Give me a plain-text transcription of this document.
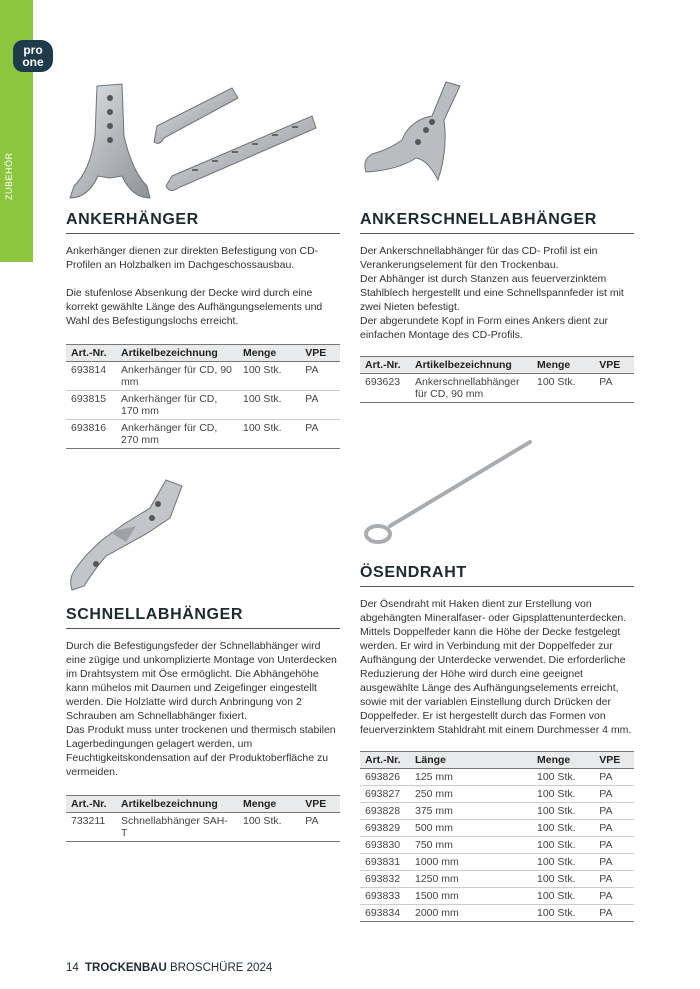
pro
one
ZUBEHÖR
ANKERHÄNGER

Ankerhänger dienen zur direkten Befestigung von CD-Profilen an Holzbalken im Dachgeschossausbau.

Die stufenlose Absenkung der Decke wird durch eine korrekt gewählte Länge des Aufhängungselements und Wahl des Befestigungslochs erreicht.

Art.-Nr.	Artikelbezeichnung	Menge	VPE
693814	Ankerhänger für CD, 90 mm	100 Stk.	PA
693815	Ankerhänger für CD, 170 mm	100 Stk.	PA
693816	Ankerhänger für CD, 270 mm	100 Stk.	PA
ANKERSCHNELLABHÄNGER

Der Ankerschnellabhänger für das CD- Profil ist ein Verankerungselement für den Trockenbau.
Der Abhänger ist durch Stanzen aus feuerverzinktem Stahlblech hergestellt und eine Schnellspannfeder ist mit zwei Nieten befestigt.
Der abgerundete Kopf in Form eines Ankers dient zur einfachen Montage des CD-Profils.

Art.-Nr.	Artikelbezeichnung	Menge	VPE
693623	Ankerschnellabhänger für CD, 90 mm	100 Stk.	PA
SCHNELLABHÄNGER

Durch die Befestigungsfeder der Schnellabhänger wird eine zügige und unkomplizierte Montage von Unterdecken im Drahtsystem mit Öse ermöglicht. Die Abhängehöhe kann mühelos mit Daumen und Zeigefinger eingestellt werden. Die Holzlatte wird durch Anbringung von 2 Schrauben am Schnellabhänger fixiert.
Das Produkt muss unter trockenen und thermisch stabilen Lagerbedingungen gelagert werden, um Feuchtigkeitskondensation auf der Produktoberfläche zu vermeiden.

Art.-Nr.	Artikelbezeichnung	Menge	VPE
733211	Schnellabhänger SAH-T	100 Stk.	PA
ÖSENDRAHT

Der Ösendraht mit Haken dient zur Erstellung von abgehängten Mineralfaser- oder Gipsplattenunterdecken. Mittels Doppelfeder kann die Höhe der Decke festgelegt werden. Er wird in Verbindung mit der Doppelfeder zur Aufhängung der Unterdecke verwendet. Die erforderliche Reduzierung der Höhe wird durch eine geeignet ausgewählte Länge des Aufhängungselements erreicht, sowie mit der variablen Einstellung durch Drücken der Doppelfeder. Er ist hergestellt durch das Formen von feuerverzinktem Stahldraht mit einem Durchmesser 4 mm.

Art.-Nr.	Länge	Menge	VPE
693826	125 mm	100 Stk.	PA
693827	250 mm	100 Stk.	PA
693828	375 mm	100 Stk.	PA
693829	500 mm	100 Stk.	PA
693830	750 mm	100 Stk.	PA
693831	1000 mm	100 Stk.	PA
693832	1250 mm	100 Stk.	PA
693833	1500 mm	100 Stk.	PA
693834	2000 mm	100 Stk.	PA
14 TROCKENBAU BROSCHÜRE 2024
